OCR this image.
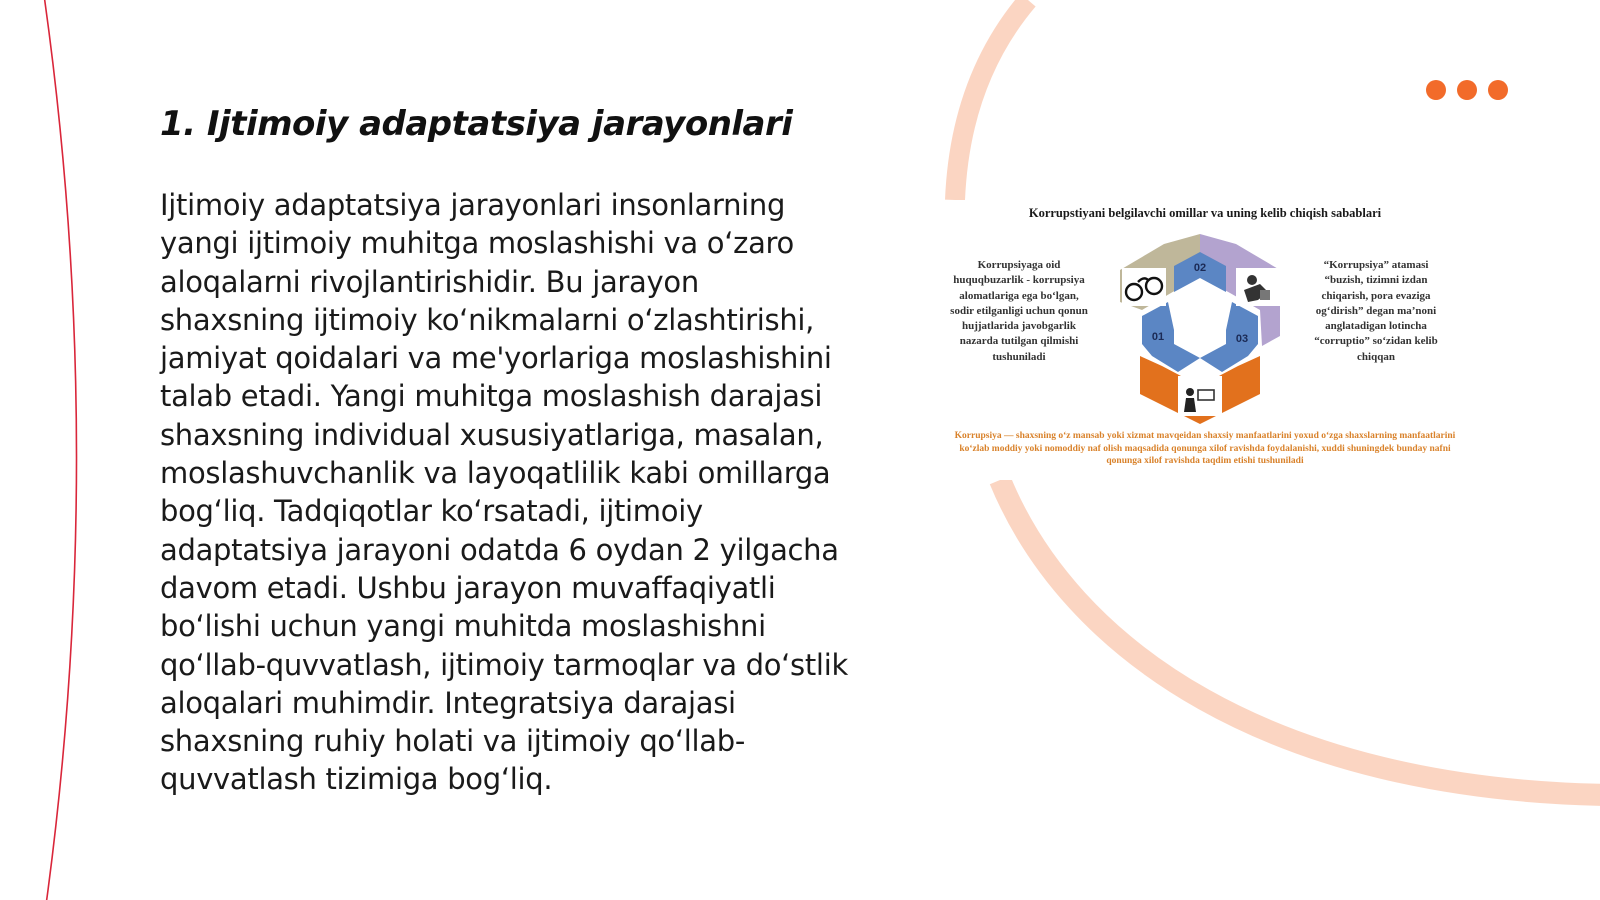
1. Ijtimoiy adaptatsiya jarayonlari
Ijtimoiy adaptatsiya jarayonlari insonlarning yangi ijtimoiy muhitga moslashishi va o‘zaro aloqalarni rivojlantirishidir. Bu jarayon shaxsning ijtimoiy ko‘nikmalarni o‘zlashtirishi, jamiyat qoidalari va me'yorlariga moslashishini talab etadi. Yangi muhitga moslashish darajasi shaxsning individual xususiyatlariga, masalan, moslashuvchanlik va layoqatlilik kabi omillarga bog‘liq. Tadqiqotlar ko‘rsatadi, ijtimoiy adaptatsiya jarayoni odatda 6 oydan 2 yilgacha davom etadi. Ushbu jarayon muvaffaqiyatli bo‘lishi uchun yangi muhitda moslashishni qo‘llab-quvvatlash, ijtimoiy tarmoqlar va do‘stlik aloqalari muhimdir. Integratsiya darajasi shaxsning ruhiy holati va ijtimoiy qo‘llab-quvvatlash tizimiga bog‘liq.
Korrupstiyani belgilavchi omillar va uning kelib chiqish sabablari
Korrupsiyaga oid huquqbuzarlik - korrupsiya alomatlariga ega bo‘lgan, sodir etilganligi uchun qonun hujjatlarida javobgarlik nazarda tutilgan qilmishi tushuniladi
02
01	03
“Korrupsiya” atamasi “buzish, tizimni izdan chiqarish, pora evaziga og‘dirish” degan ma’noni anglatadigan lotincha “corruptio” so‘zidan kelib chiqqan
Korrupsiya — shaxsning o‘z mansab yoki xizmat mavqeidan shaxsiy manfaatlarini yoxud o‘zga shaxslarning manfaatlarini ko‘zlab moddiy yoki nomoddiy naf olish maqsadida qonunga xilof ravishda foydalanishi, xuddi shuningdek bunday nafni qonunga xilof ravishda taqdim etishi tushuniladi
